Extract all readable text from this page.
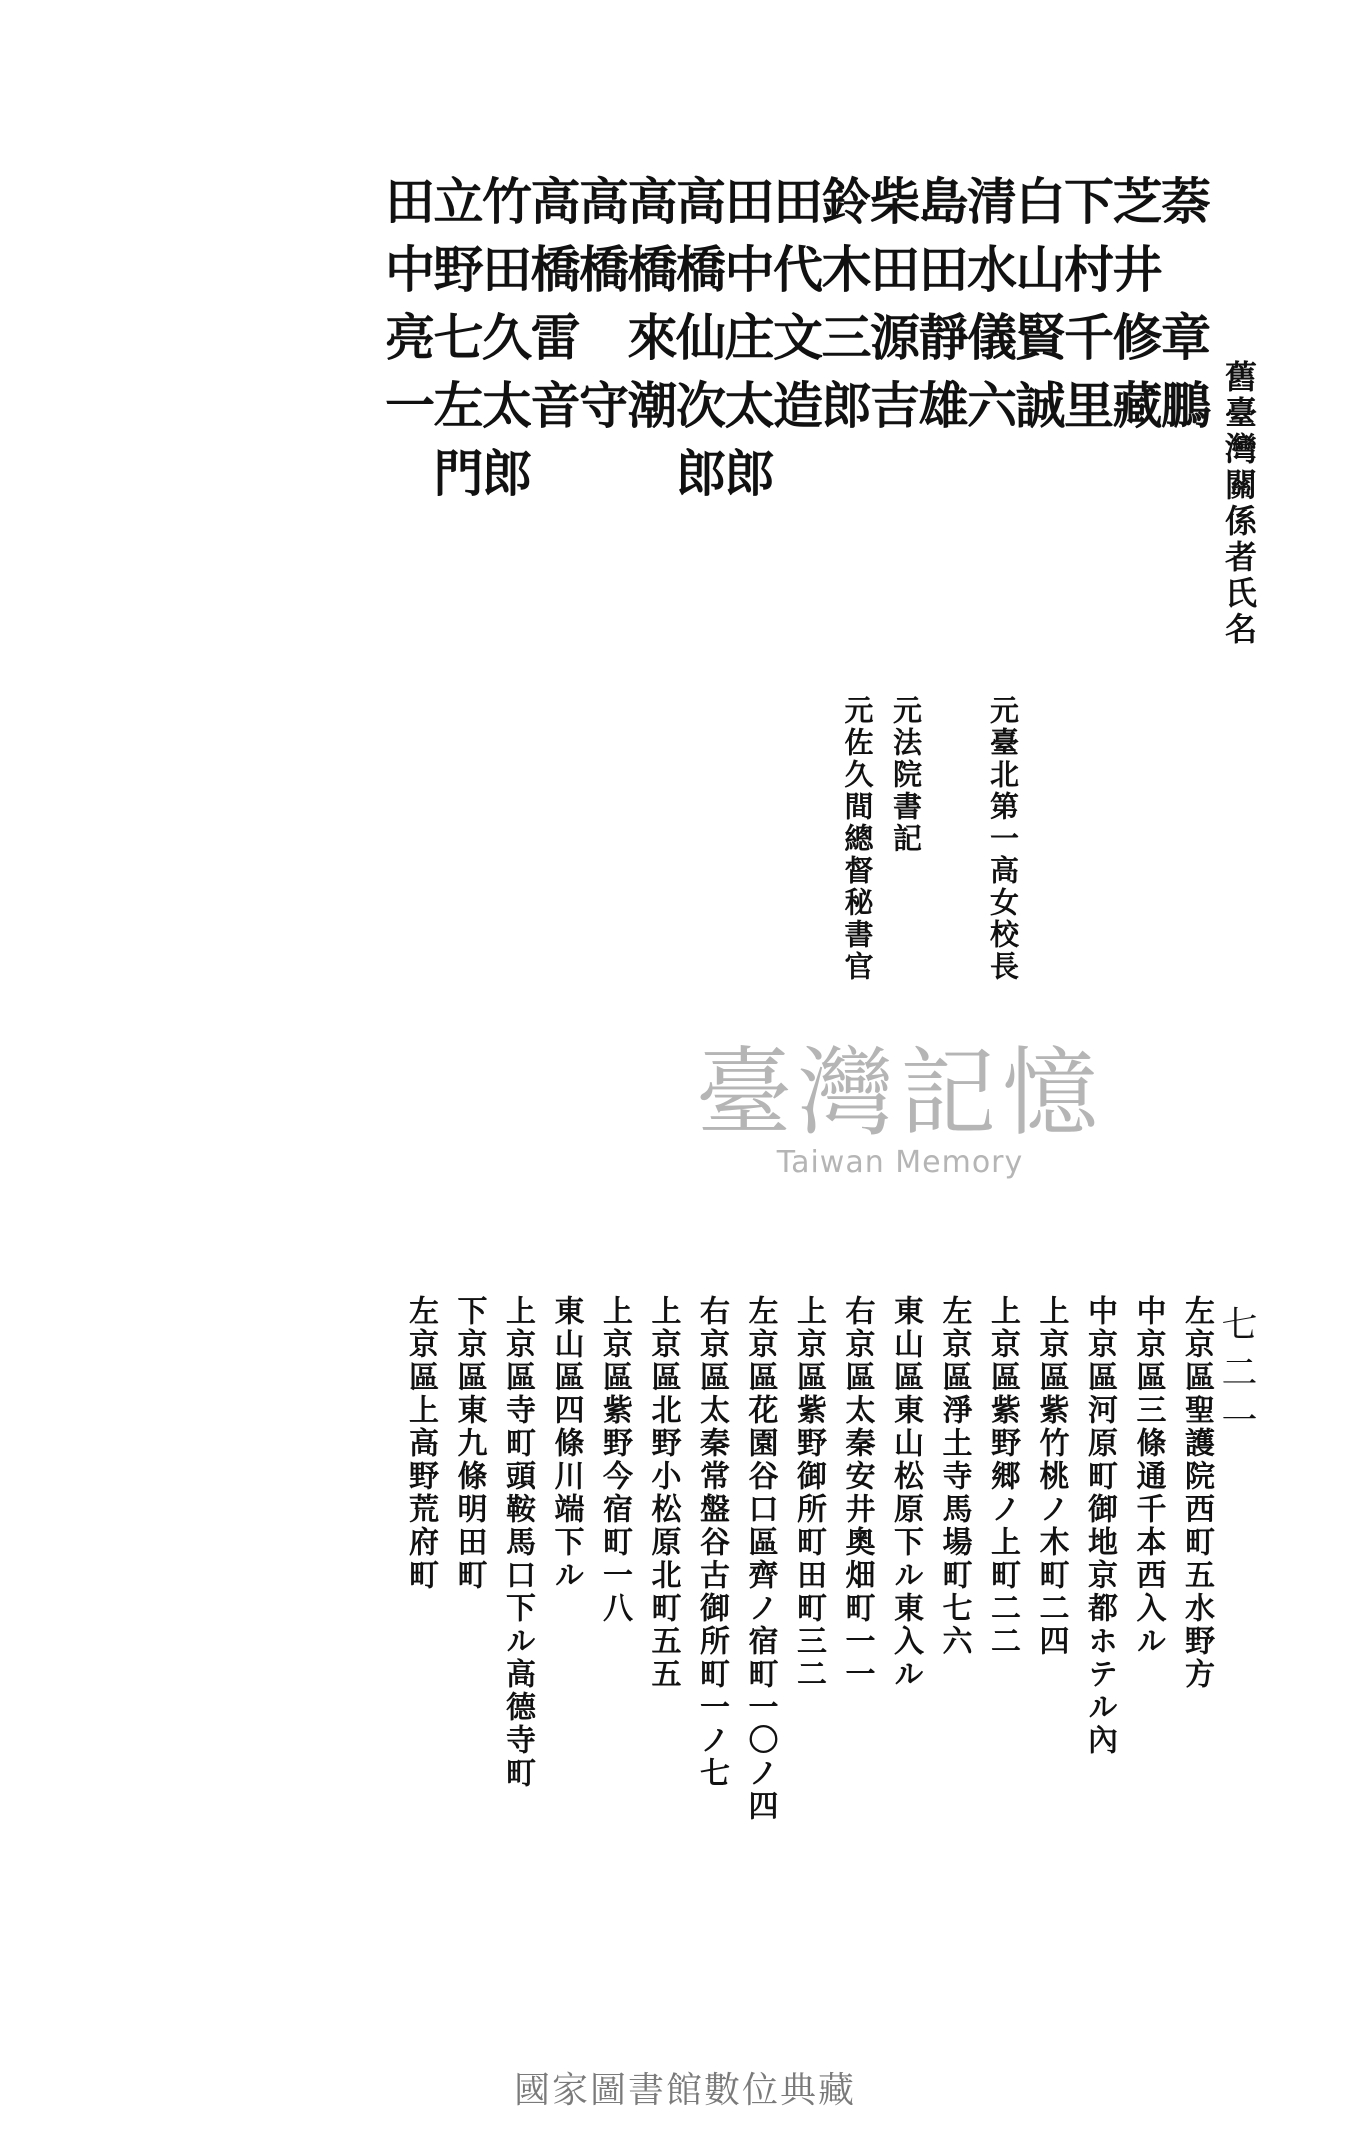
舊臺灣關係者氏名
七二一
萘　章鵬
左京區聖護院西町五水野方
芝井修藏
中京區三條通千本西入ル
下村千里
中京區河原町御地京都ホテル內
白山賢誠
上京區紫竹桃ノ木町二四
清水儀六
元臺北第一高女校長
上京區紫野郷ノ上町二二
島田靜雄
左京區淨土寺馬場町七六
柴田源吉
元法院書記
東山區東山松原下ル東入ル
鈴木三郎
元佐久間總督秘書官
右京區太秦安井奧畑町一一
田代文造
上京區紫野御所町田町三二
田中庄太郎
左京區花園谷口區齊ノ宿町一〇ノ四
高橋仙次郎
右京區太秦常盤谷古御所町一ノ七
高橋來潮
上京區北野小松原北町五五
高橋　守
上京區紫野今宿町一八
高橋雷音
東山區四條川端下ル
竹田久太郎
上京區寺町頭鞍馬口下ル高德寺町
立野七左門
下京區東九條明田町
田中亮一
左京區上高野荒府町
臺灣記憶
Taiwan Memory
國家圖書館數位典藏
